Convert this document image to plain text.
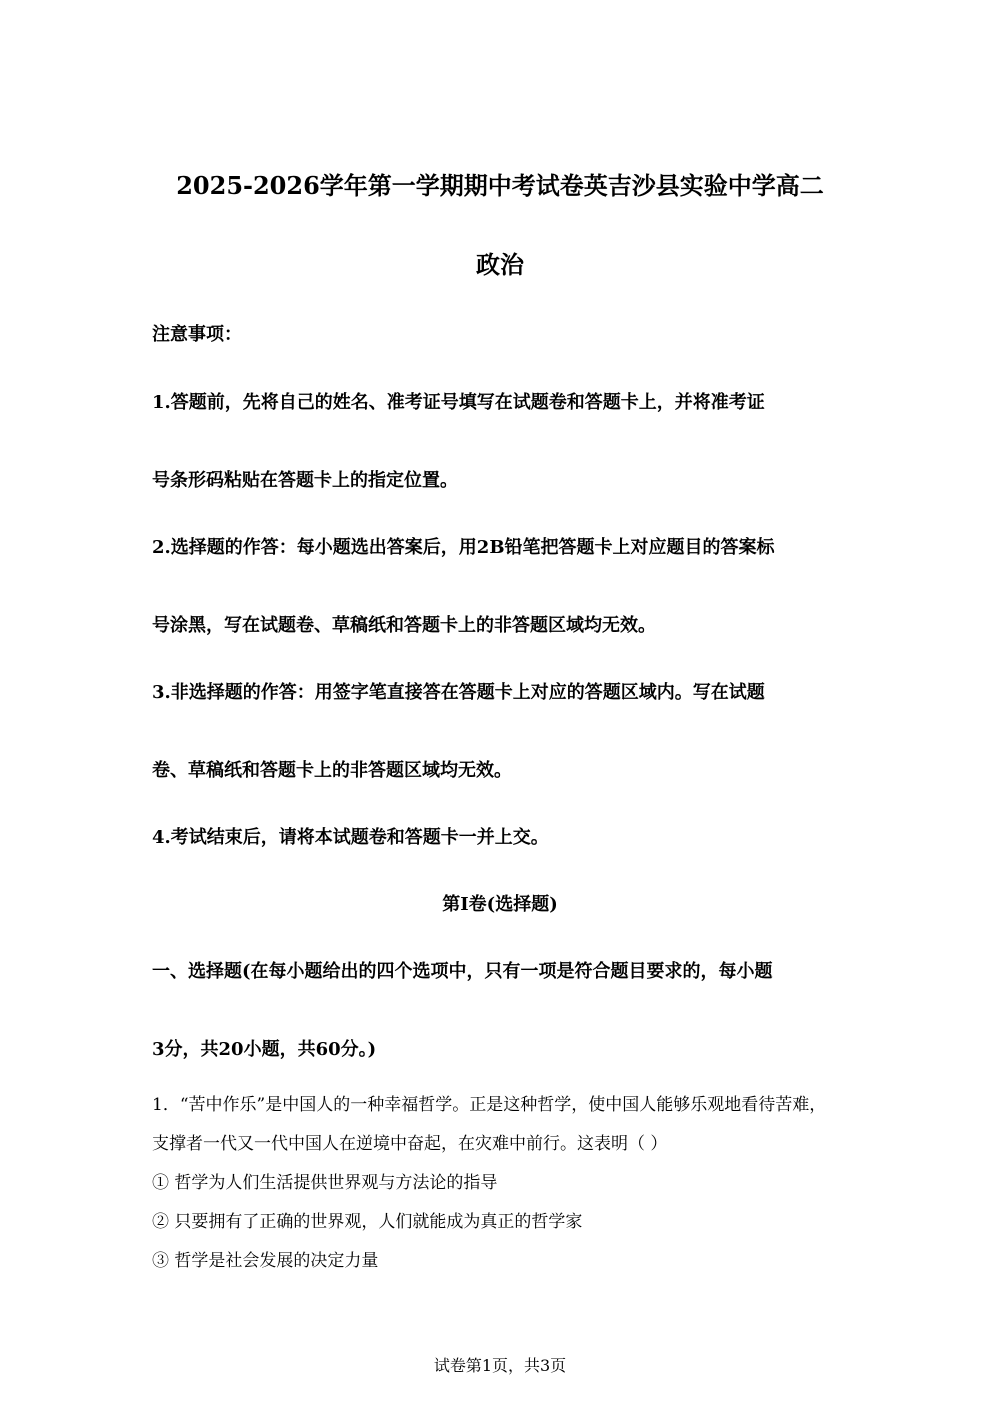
2025-2026学年第一学期期中考试卷英吉沙县实验中学高二
政治
注意事项：
1.答题前，先将自己的姓名、准考证号填写在试题卷和答题卡上，并将准考证
号条形码粘贴在答题卡上的指定位置。
2.选择题的作答：每小题选出答案后，用2B铅笔把答题卡上对应题目的答案标
号涂黑，写在试题卷、草稿纸和答题卡上的非答题区域均无效。
3.非选择题的作答：用签字笔直接答在答题卡上对应的答题区域内。写在试题
卷、草稿纸和答题卡上的非答题区域均无效。
4.考试结束后，请将本试题卷和答题卡一并上交。
第Ⅰ卷(选择题)
一、选择题(在每小题给出的四个选项中，只有一项是符合题目要求的，每小题
3分，共20小题，共60分。)
1．“苦中作乐”是中国人的一种幸福哲学。正是这种哲学，使中国人能够乐观地看待苦难，
支撑者一代又一代中国人在逆境中奋起，在灾难中前行。这表明（ ）
① 哲学为人们生活提供世界观与方法论的指导
② 只要拥有了正确的世界观，人们就能成为真正的哲学家
③ 哲学是社会发展的决定力量
试卷第1页，共3页
